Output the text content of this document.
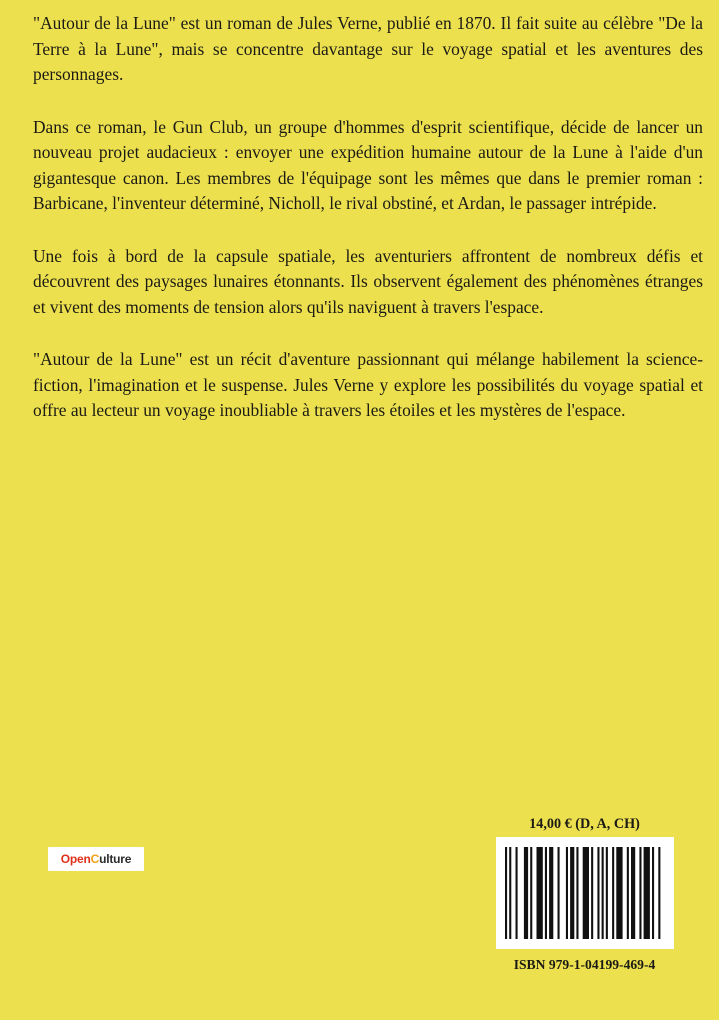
"Autour de la Lune" est un roman de Jules Verne, publié en 1870. Il fait suite au célèbre "De la Terre à la Lune", mais se concentre davantage sur le voyage spatial et les aventures des personnages.

Dans ce roman, le Gun Club, un groupe d'hommes d'esprit scientifique, décide de lancer un nouveau projet audacieux : envoyer une expédition humaine autour de la Lune à l'aide d'un gigantesque canon. Les membres de l'équipage sont les mêmes que dans le premier roman : Barbicane, l'inventeur déterminé, Nicholl, le rival obstiné, et Ardan, le passager intrépide.

Une fois à bord de la capsule spatiale, les aventuriers affrontent de nombreux défis et découvrent des paysages lunaires étonnants. Ils observent également des phénomènes étranges et vivent des moments de tension alors qu'ils naviguent à travers l'espace.

"Autour de la Lune" est un récit d'aventure passionnant qui mélange habilement la science-fiction, l'imagination et le suspense. Jules Verne y explore les possibilités du voyage spatial et offre au lecteur un voyage inoubliable à travers les étoiles et les mystères de l'espace.

OpenCulture
14,00 € (D, A, CH)
ISBN 979-1-04199-469-4
